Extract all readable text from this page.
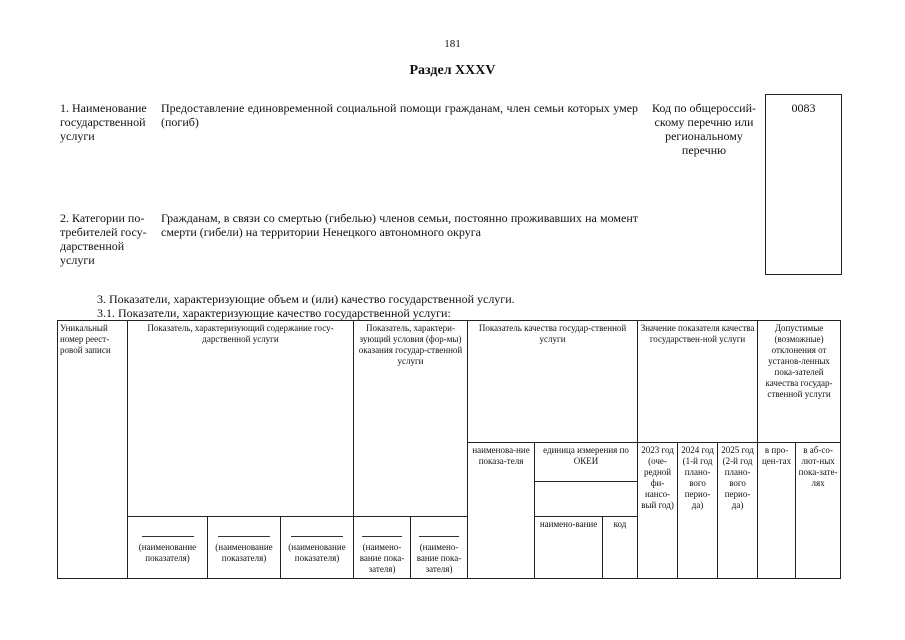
181
Раздел XXXV
1. Наименование
государственной
услуги
Предоставление единовременной социальной помощи гражданам, член семьи которых умер (погиб)
Код по общероссий-
скому перечню или
региональному
перечню
0083
2. Категории по-
требителей госу-
дарственной
услуги
Гражданам, в связи со смертью (гибелью) членов семьи, постоянно проживавших на момент смерти (гибели) на территории Ненецкого автономного округа
3. Показатели, характеризующие объем и (или) качество государственной услуги.
3.1. Показатели, характеризующие качество государственной услуги:
Уникальный номер реест-ровой записи	Показатель, характеризующий содержание госу-дарственной услуги			Показатель, характери-зующий условия (фор-мы) оказания государ-ственной услуги		Показатель качества государ-ственной услуги			Значение показателя качества государствен-ной услуги			Допустимые (возможные) отклонения от установ-ленных пока-зателей качества государ-ственной услуги	
						наименова-ние показа-теля	единица измерения по ОКЕИ		2023 год (оче-редной фи-нансо-вый год)	2024 год (1-й год плано-вого перио-да)	2025 год (2-й год плано-вого перио-да)	в про-цен-тах	в аб-со-лют-ных пока-зате-лях

(наименование показателя)	(наименование показателя)	(наименование показателя)	(наимено-вание пока-зателя)	(наимено-вание пока-зателя)		наимено-вание	код					
